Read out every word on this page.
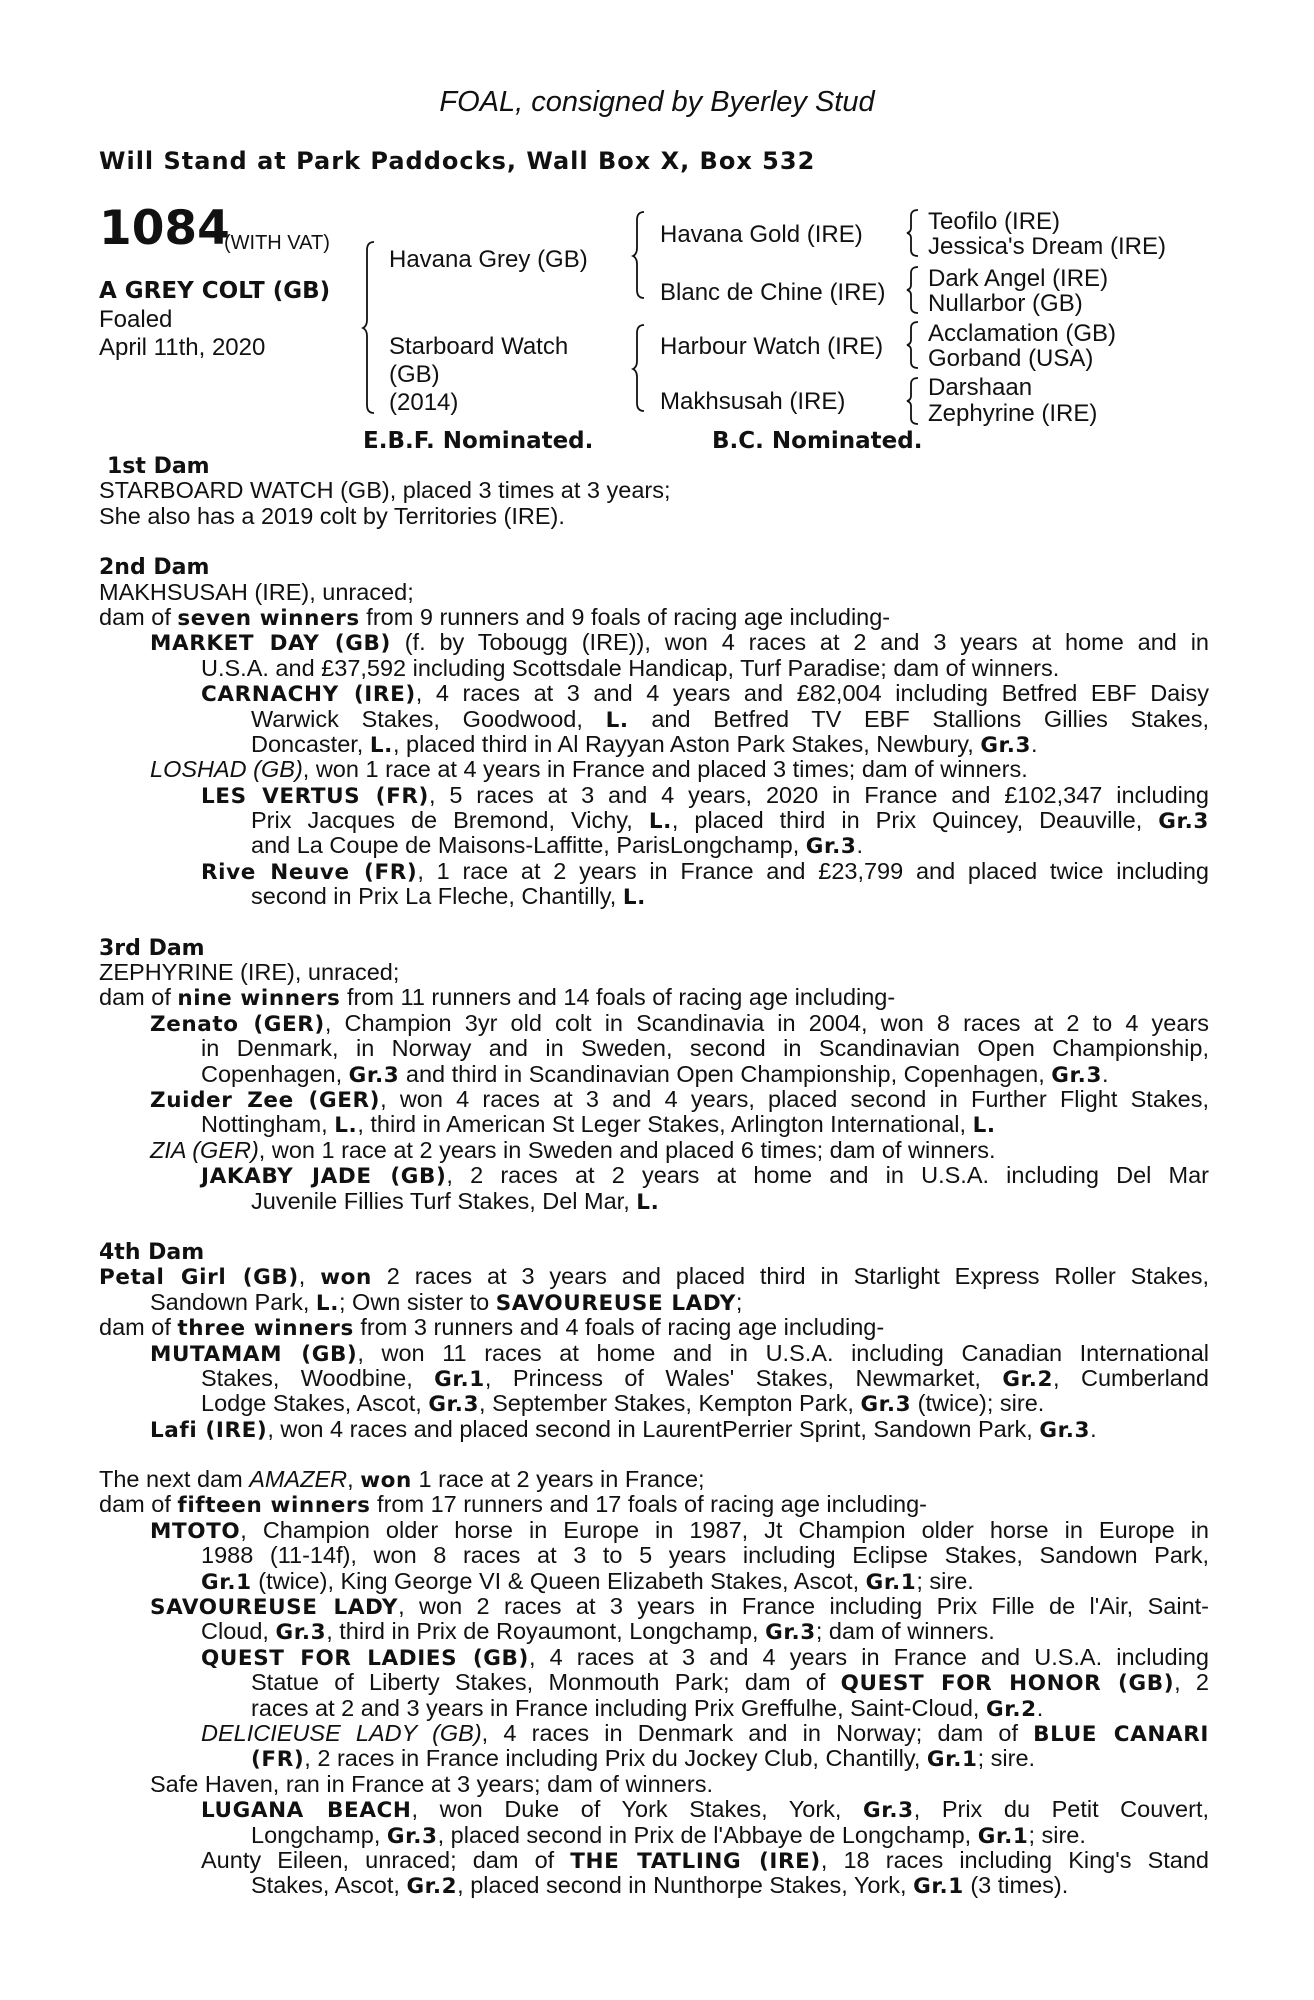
FOAL, consigned by Byerley Stud
Will Stand at Park Paddocks, Wall Box X, Box 532
1084
(WITH VAT)
A GREY COLT (GB)
Foaled
April 11th, 2020
Havana Grey (GB)
Starboard Watch
(GB)
(2014)
Havana Gold (IRE)
Blanc de Chine (IRE)
Harbour Watch (IRE)
Makhsusah (IRE)
Teofilo (IRE)
Jessica's Dream (IRE)
Dark Angel (IRE)
Nullarbor (GB)
Acclamation (GB)
Gorband (USA)
Darshaan
Zephyrine (IRE)
E.B.F. Nominated.	B.C. Nominated.
1st Dam
STARBOARD WATCH (GB), placed 3 times at 3 years;
She also has a 2019 colt by Territories (IRE).
2nd Dam
MAKHSUSAH (IRE), unraced;
dam of seven winners from 9 runners and 9 foals of racing age including-
MARKET DAY (GB) (f. by Tobougg (IRE)), won 4 races at 2 and 3 years at home and in
U.S.A. and £37,592 including Scottsdale Handicap, Turf Paradise; dam of winners.
CARNACHY (IRE), 4 races at 3 and 4 years and £82,004 including Betfred EBF Daisy
Warwick Stakes, Goodwood, L. and Betfred TV EBF Stallions Gillies Stakes,
Doncaster, L., placed third in Al Rayyan Aston Park Stakes, Newbury, Gr.3.
LOSHAD (GB), won 1 race at 4 years in France and placed 3 times; dam of winners.
LES VERTUS (FR), 5 races at 3 and 4 years, 2020 in France and £102,347 including
Prix Jacques de Bremond, Vichy, L., placed third in Prix Quincey, Deauville, Gr.3
and La Coupe de Maisons-Laffitte, ParisLongchamp, Gr.3.
Rive Neuve (FR), 1 race at 2 years in France and £23,799 and placed twice including
second in Prix La Fleche, Chantilly, L.
3rd Dam
ZEPHYRINE (IRE), unraced;
dam of nine winners from 11 runners and 14 foals of racing age including-
Zenato (GER), Champion 3yr old colt in Scandinavia in 2004, won 8 races at 2 to 4 years
in Denmark, in Norway and in Sweden, second in Scandinavian Open Championship,
Copenhagen, Gr.3 and third in Scandinavian Open Championship, Copenhagen, Gr.3.
Zuider Zee (GER), won 4 races at 3 and 4 years, placed second in Further Flight Stakes,
Nottingham, L., third in American St Leger Stakes, Arlington International, L.
ZIA (GER), won 1 race at 2 years in Sweden and placed 6 times; dam of winners.
JAKABY JADE (GB), 2 races at 2 years at home and in U.S.A. including Del Mar
Juvenile Fillies Turf Stakes, Del Mar, L.
4th Dam
Petal Girl (GB), won 2 races at 3 years and placed third in Starlight Express Roller Stakes,
Sandown Park, L.; Own sister to SAVOUREUSE LADY;
dam of three winners from 3 runners and 4 foals of racing age including-
MUTAMAM (GB), won 11 races at home and in U.S.A. including Canadian International
Stakes, Woodbine, Gr.1, Princess of Wales' Stakes, Newmarket, Gr.2, Cumberland
Lodge Stakes, Ascot, Gr.3, September Stakes, Kempton Park, Gr.3 (twice); sire.
Lafi (IRE), won 4 races and placed second in LaurentPerrier Sprint, Sandown Park, Gr.3.
The next dam AMAZER, won 1 race at 2 years in France;
dam of fifteen winners from 17 runners and 17 foals of racing age including-
MTOTO, Champion older horse in Europe in 1987, Jt Champion older horse in Europe in
1988 (11-14f), won 8 races at 3 to 5 years including Eclipse Stakes, Sandown Park,
Gr.1 (twice), King George VI & Queen Elizabeth Stakes, Ascot, Gr.1; sire.
SAVOUREUSE LADY, won 2 races at 3 years in France including Prix Fille de l'Air, Saint-
Cloud, Gr.3, third in Prix de Royaumont, Longchamp, Gr.3; dam of winners.
QUEST FOR LADIES (GB), 4 races at 3 and 4 years in France and U.S.A. including
Statue of Liberty Stakes, Monmouth Park; dam of QUEST FOR HONOR (GB), 2
races at 2 and 3 years in France including Prix Greffulhe, Saint-Cloud, Gr.2.
DELICIEUSE LADY (GB), 4 races in Denmark and in Norway; dam of BLUE CANARI
(FR), 2 races in France including Prix du Jockey Club, Chantilly, Gr.1; sire.
Safe Haven, ran in France at 3 years; dam of winners.
LUGANA BEACH, won Duke of York Stakes, York, Gr.3, Prix du Petit Couvert,
Longchamp, Gr.3, placed second in Prix de l'Abbaye de Longchamp, Gr.1; sire.
Aunty Eileen, unraced; dam of THE TATLING (IRE), 18 races including King's Stand
Stakes, Ascot, Gr.2, placed second in Nunthorpe Stakes, York, Gr.1 (3 times).
